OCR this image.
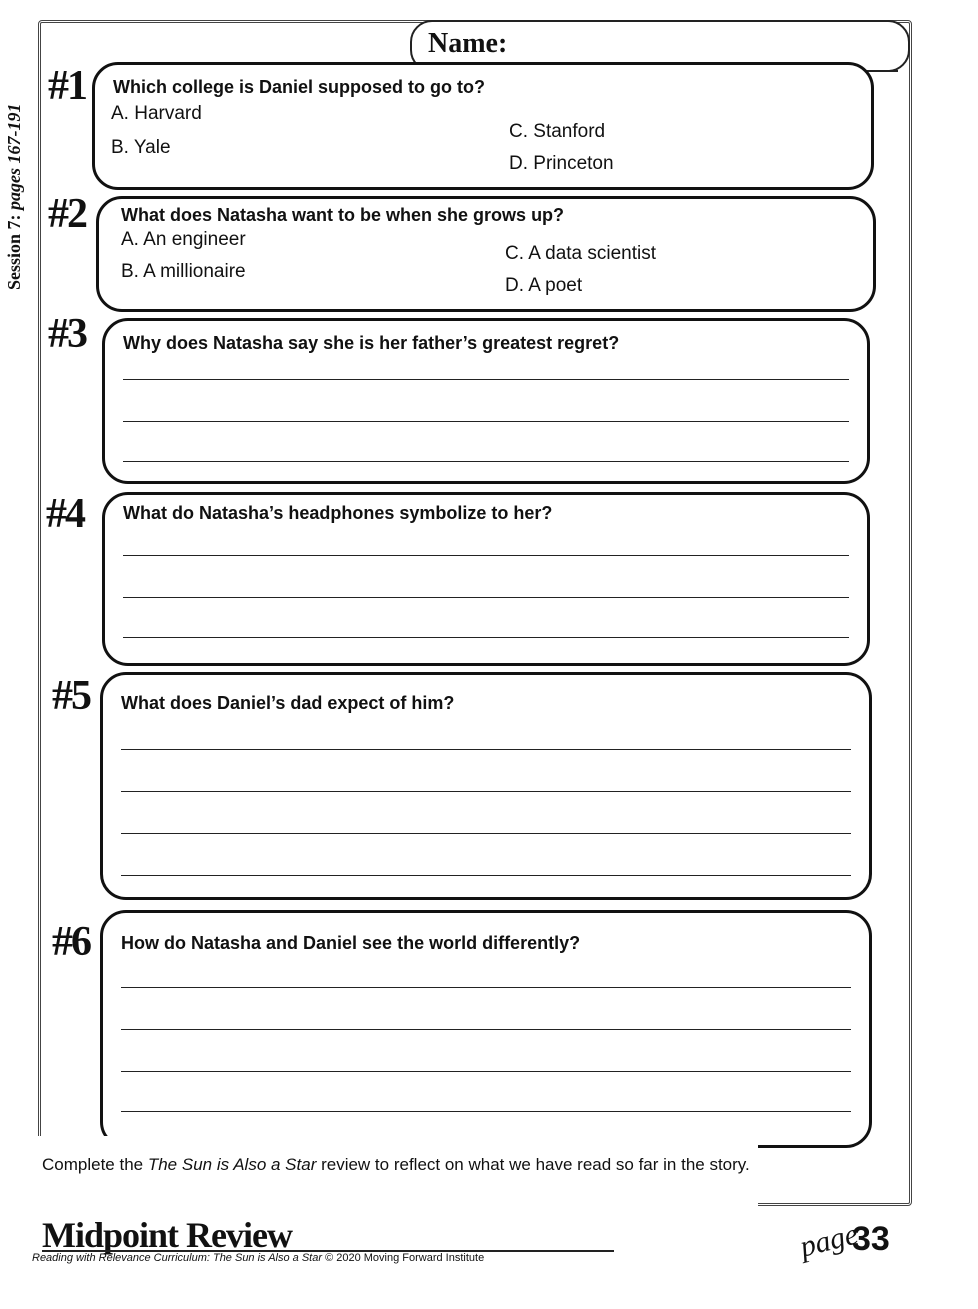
Session 7: pages 167-191
Name:
#1 Which college is Daniel supposed to go to?
A. Harvard
B. Yale
C. Stanford
D. Princeton
#2 What does Natasha want to be when she grows up?
A. An engineer
B. A millionaire
C. A data scientist
D. A poet
#3 Why does Natasha say she is her father’s greatest regret?
#4 What do Natasha’s headphones symbolize to her?
#5 What does Daniel’s dad expect of him?
#6 How do Natasha and Daniel see the world differently?
Complete the The Sun is Also a Star review to reflect on what we have read so far in the story.
Midpoint Review
Reading with Relevance Curriculum: The Sun is Also a Star © 2020 Moving Forward Institute	page
33
